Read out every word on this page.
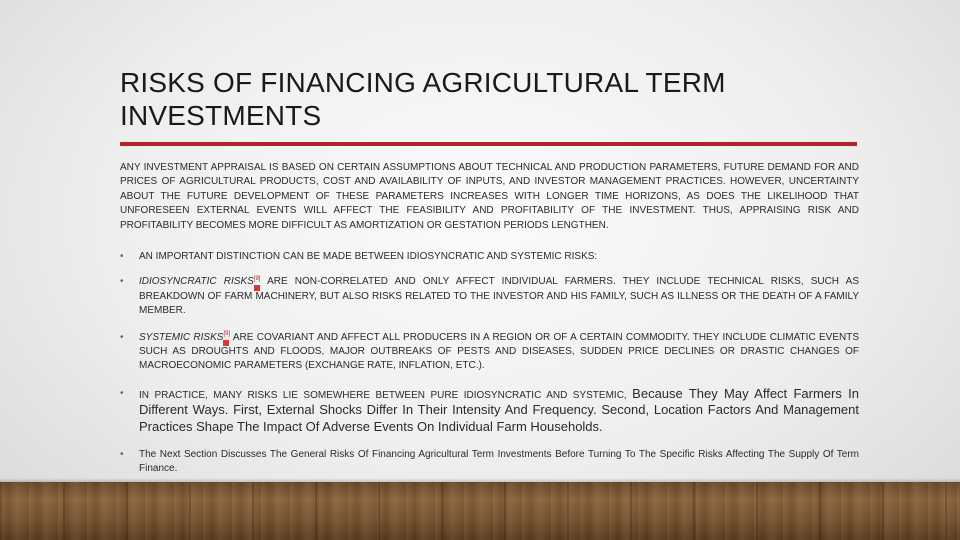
RISKS OF FINANCING AGRICULTURAL TERM INVESTMENTS

ANY INVESTMENT APPRAISAL IS BASED ON CERTAIN ASSUMPTIONS ABOUT TECHNICAL AND PRODUCTION PARAMETERS, FUTURE DEMAND FOR AND PRICES OF AGRICULTURAL PRODUCTS, COST AND AVAILABILITY OF INPUTS, AND INVESTOR MANAGEMENT PRACTICES. HOWEVER, UNCERTAINTY ABOUT THE FUTURE DEVELOPMENT OF THESE PARAMETERS INCREASES WITH LONGER TIME HORIZONS, AS DOES THE LIKELIHOOD THAT UNFORESEEN EXTERNAL EVENTS WILL AFFECT THE FEASIBILITY AND PROFITABILITY OF THE INVESTMENT. THUS, APPRAISING RISK AND PROFITABILITY BECOMES MORE DIFFICULT AS AMORTIZATION OR GESTATION PERIODS LENGTHEN.

• AN IMPORTANT DISTINCTION CAN BE MADE BETWEEN IDIOSYNCRATIC AND SYSTEMIC RISKS:
• IDIOSYNCRATIC RISKS[9]
ARE NON-CORRELATED AND ONLY AFFECT INDIVIDUAL FARMERS. THEY INCLUDE TECHNICAL RISKS, SUCH AS BREAKDOWN OF FARM MACHINERY, BUT ALSO RISKS RELATED TO THE INVESTOR AND HIS FAMILY, SUCH AS ILLNESS OR THE DEATH OF A FAMILY MEMBER.
• SYSTEMIC RISKS[9]
ARE COVARIANT AND AFFECT ALL PRODUCERS IN A REGION OR OF A CERTAIN COMMODITY. THEY INCLUDE CLIMATIC EVENTS SUCH AS DROUGHTS AND FLOODS, MAJOR OUTBREAKS OF PESTS AND DISEASES, SUDDEN PRICE DECLINES OR DRASTIC CHANGES OF MACROECONOMIC PARAMETERS (EXCHANGE RATE, INFLATION, ETC.).
• IN PRACTICE, MANY RISKS LIE SOMEWHERE BETWEEN PURE IDIOSYNCRATIC AND SYSTEMIC, Because They May Affect Farmers In Different Ways. First, External Shocks Differ In Their Intensity And Frequency. Second, Location Factors And Management Practices Shape The Impact Of Adverse Events On Individual Farm Households.
• The Next Section Discusses The General Risks Of Financing Agricultural Term Investments Before Turning To The Specific Risks Affecting The Supply Of Term Finance.
